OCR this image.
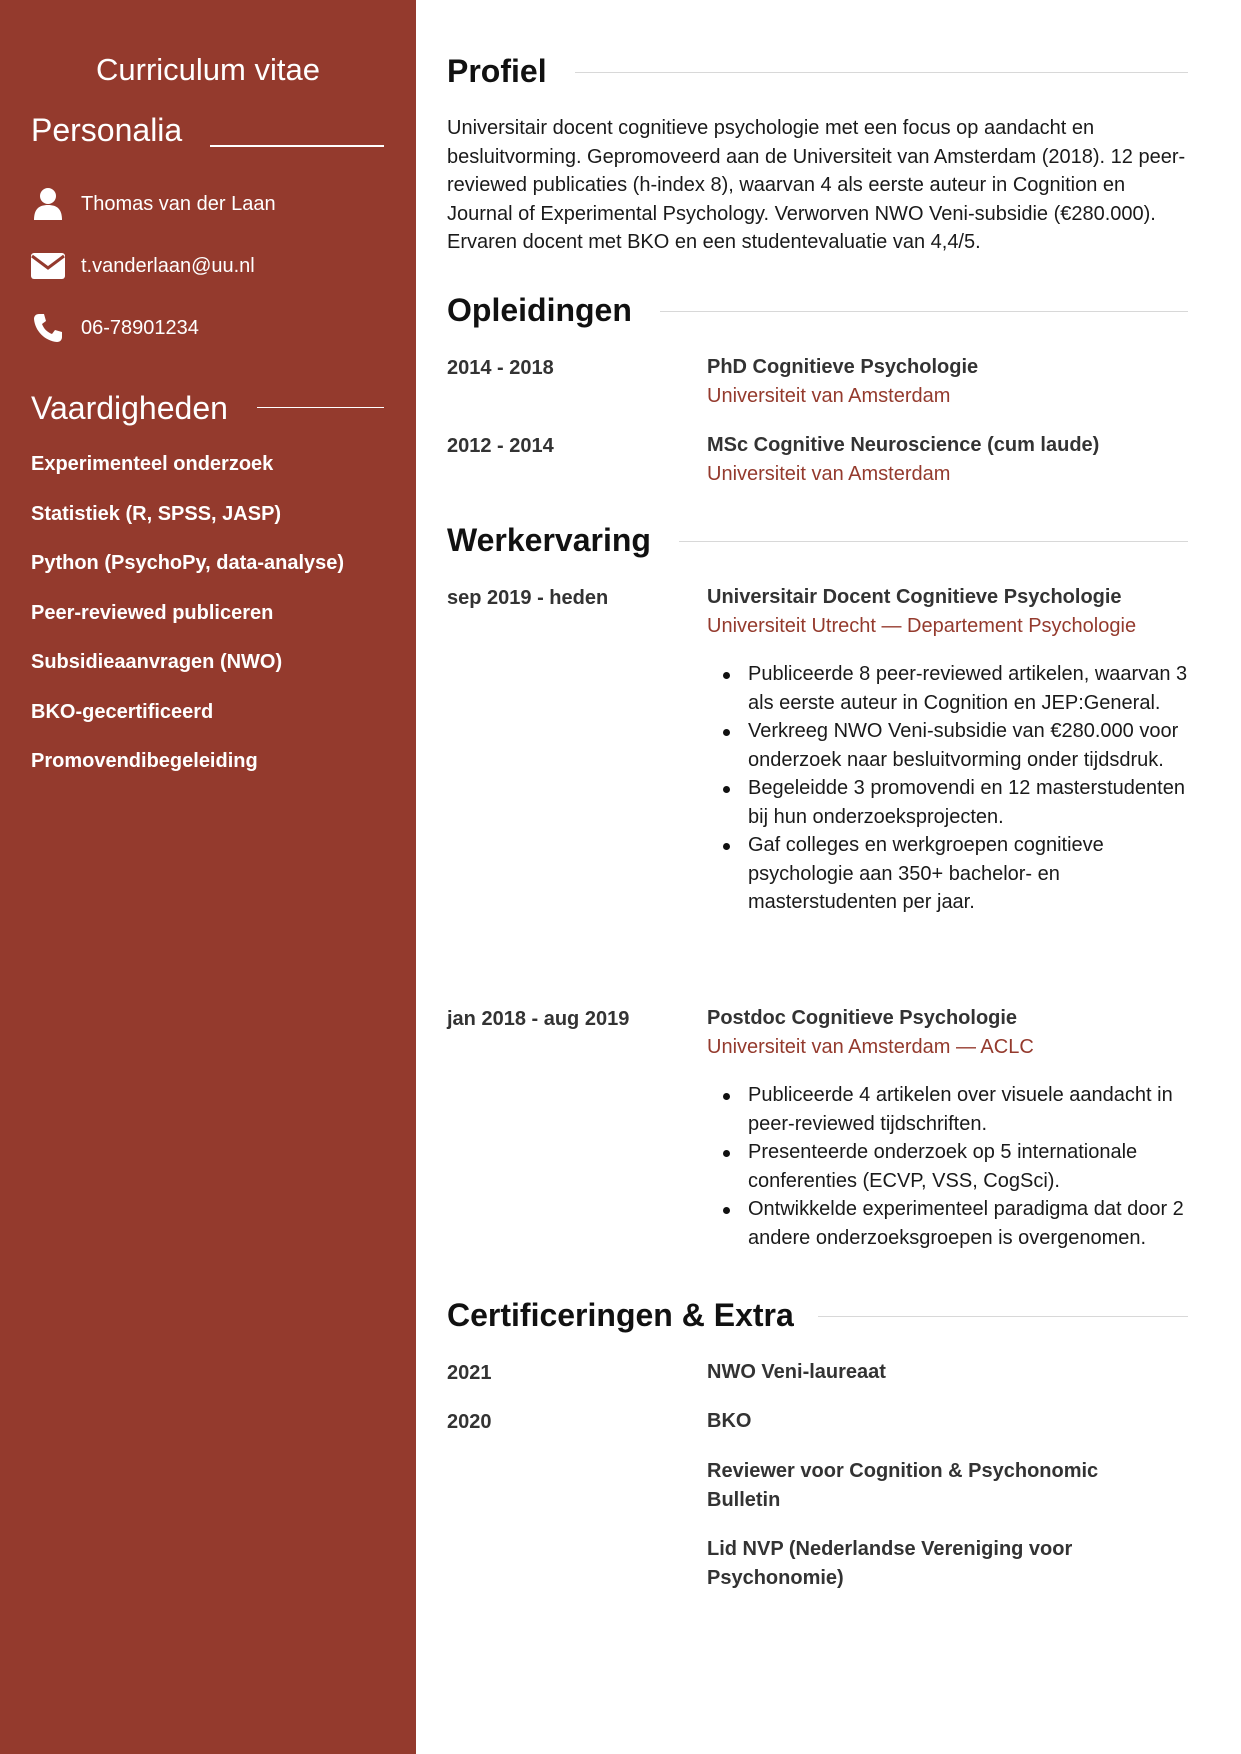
Curriculum vitae
Personalia
Thomas van der Laan
t.vanderlaan@uu.nl
06-78901234
Vaardigheden
Experimenteel onderzoek
Statistiek (R, SPSS, JASP)
Python (PsychoPy, data-analyse)
Peer-reviewed publiceren
Subsidieaanvragen (NWO)
BKO-gecertificeerd
Promovendibegeleiding
Profiel

Universitair docent cognitieve psychologie met een focus op aandacht en besluitvorming. Gepromoveerd aan de Universiteit van Amsterdam (2018). 12 peer-reviewed publicaties (h-index 8), waarvan 4 als eerste auteur in Cognition en Journal of Experimental Psychology. Verworven NWO Veni-subsidie (€280.000). Ervaren docent met BKO en een studentevaluatie van 4,4/5.

Opleidingen
2014 - 2018	PhD Cognitieve Psychologie
Universiteit van Amsterdam
2012 - 2014	MSc Cognitive Neuroscience (cum laude)
Universiteit van Amsterdam
Werkervaring
sep 2019 - heden	Universitair Docent Cognitieve Psychologie
Universiteit Utrecht — Departement Psychologie
Publiceerde 8 peer-reviewed artikelen, waarvan 3 als eerste auteur in Cognition en JEP:General.
Verkreeg NWO Veni-subsidie van €280.000 voor onderzoek naar besluitvorming onder tijdsdruk.
Begeleidde 3 promovendi en 12 masterstudenten bij hun onderzoeksprojecten.
Gaf colleges en werkgroepen cognitieve psychologie aan 350+ bachelor- en masterstudenten per jaar.
jan 2018 - aug 2019	Postdoc Cognitieve Psychologie
Universiteit van Amsterdam — ACLC
Publiceerde 4 artikelen over visuele aandacht in peer-reviewed tijdschriften.
Presenteerde onderzoek op 5 internationale conferenties (ECVP, VSS, CogSci).
Ontwikkelde experimenteel paradigma dat door 2 andere onderzoeksgroepen is overgenomen.
Certificeringen & Extra
2021	NWO Veni-laureaat
2020	BKO
Reviewer voor Cognition & Psychonomic Bulletin
Lid NVP (Nederlandse Vereniging voor Psychonomie)
